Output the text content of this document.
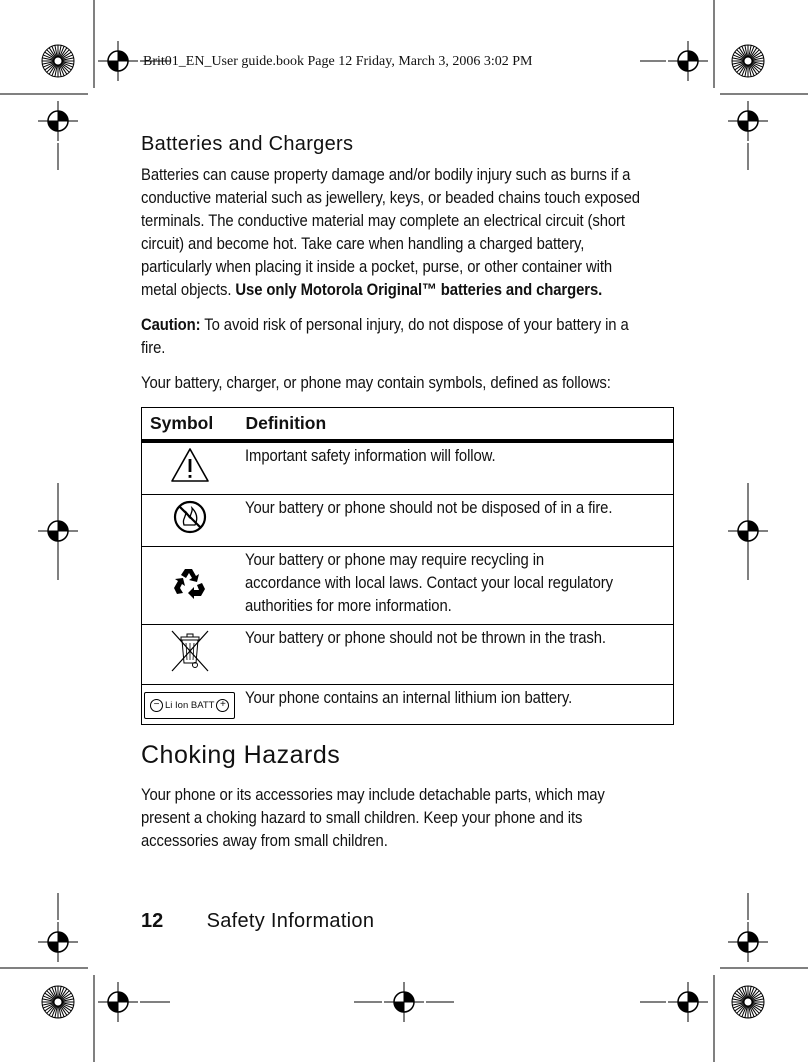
Brit01_EN_User guide.book Page 12 Friday, March 3, 2006 3:02 PM
Batteries and Chargers

Batteries can cause property damage and/or bodily injury such as burns if a conductive material such as jewellery, keys, or beaded chains touch exposed terminals. The conductive material may complete an electrical circuit (short circuit) and become hot. Take care when handling a charged battery, particularly when placing it inside a pocket, purse, or other container with metal objects. Use only Motorola Original™ batteries and chargers.

Caution: To avoid risk of personal injury, do not dispose of your battery in a fire.

Your battery, charger, or phone may contain symbols, defined as follows:

Symbol	Definition
	Important safety information will follow.
	Your battery or phone should not be disposed of in a fire.
	Your battery or phone may require recycling in accordance with local laws. Contact your local regulatory authorities for more information.
	Your battery or phone should not be thrown in the trash.

− Li Ion BATT +	Your phone contains an internal lithium ion battery.
Choking Hazards

Your phone or its accessories may include detachable parts, which may present a choking hazard to small children. Keep your phone and its accessories away from small children.

12 Safety Information
